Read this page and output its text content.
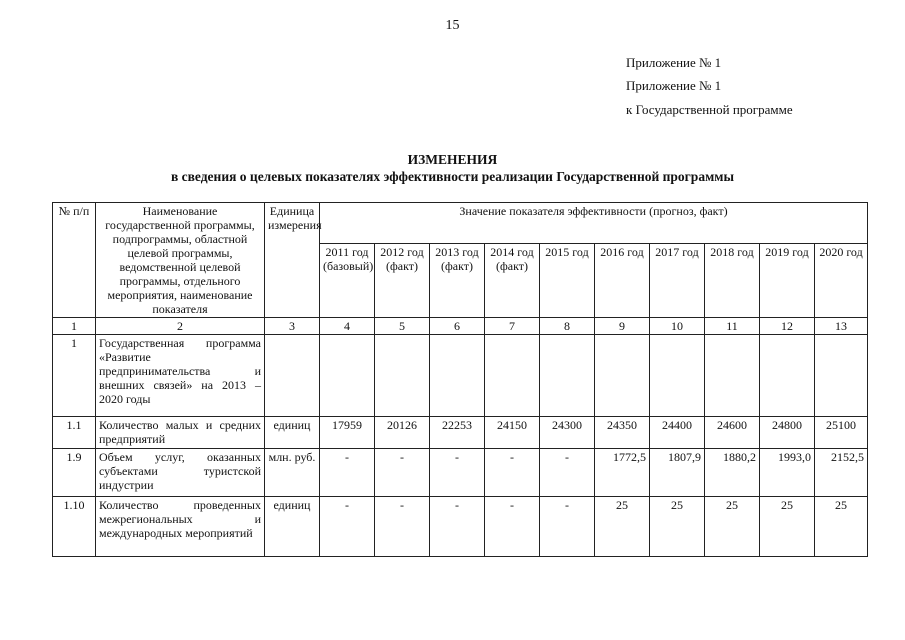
15
Приложение № 1
Приложение № 1
к Государственной программе
ИЗМЕНЕНИЯ
в сведения о целевых показателях эффективности реализации Государственной программы
№ п/п	Наименование государственной программы, подпрограммы, областной целевой программы, ведомственной целевой программы, отдельного мероприятия, наименование показателя	Единица измерения	Значение показателя эффективности (прогноз, факт)									
			2011 год (базовый)	2012 год (факт)	2013 год (факт)	2014 год (факт)	2015 год	2016 год	2017 год	2018 год	2019 год	2020 год
1	2	3	4	5	6	7	8	9	10	11	12	13
1	Государственная программа «Развитие предпринимательства и внешних связей» на 2013 – 2020 годы											
1.1	Количество малых и средних предприятий	единиц	17959	20126	22253	24150	24300	24350	24400	24600	24800	25100
1.9	Объем услуг, оказанных субъектами туристской индустрии	млн. руб.	-	-	-	-	-	1772,5	1807,9	1880,2	1993,0	2152,5
1.10	Количество проведенных межрегиональных и международных мероприятий	единиц	-	-	-	-	-	25	25	25	25	25
